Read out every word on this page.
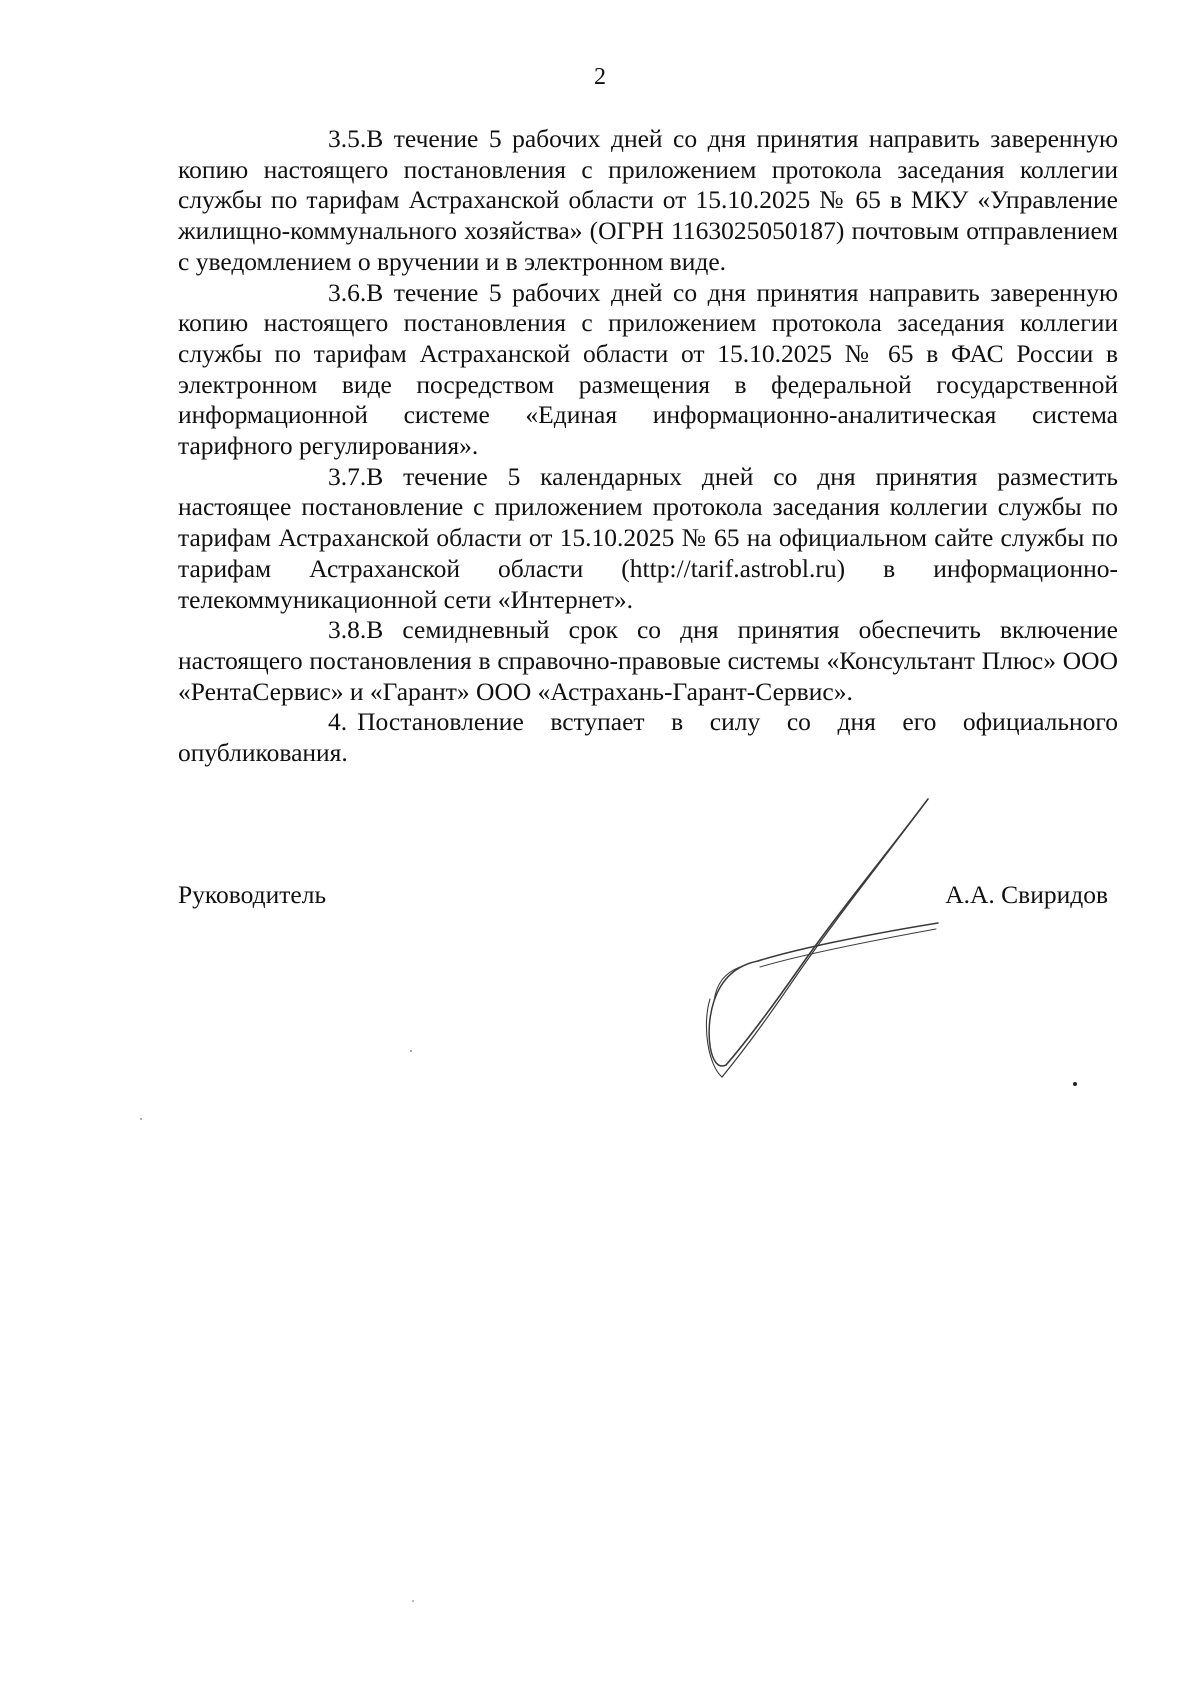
2

3.5.В течение 5 рабочих дней со дня принятия направить заверенную копию настоящего постановления с приложением протокола заседания коллегии службы по тарифам Астраханской области от 15.10.2025 № 65 в МКУ «Управление жилищно-коммунального хозяйства» (ОГРН 1163025050187) почтовым отправлением с уведомлением о вручении и в электронном виде.

3.6.В течение 5 рабочих дней со дня принятия направить заверенную копию настоящего постановления с приложением протокола заседания коллегии службы по тарифам Астраханской области от 15.10.2025 № 65 в ФАС России в электронном виде посредством размещения в федеральной государственной информационной системе «Единая информационно-аналитическая система тарифного регулирования».

3.7.В течение 5 календарных дней со дня принятия разместить настоящее постановление с приложением протокола заседания коллегии службы по тарифам Астраханской области от 15.10.2025 № 65 на официальном сайте службы по тарифам Астраханской области (http://tarif.astrobl.ru) в информационно-телекоммуникационной сети «Интернет».

3.8.В семидневный срок со дня принятия обеспечить включение настоящего постановления в справочно-правовые системы «Консультант Плюс» ООО «РентаСервис» и «Гарант» ООО «Астрахань-Гарант-Сервис».

4. Постановление вступает в силу со дня его официального опубликования.

Руководитель	А.А. Свиридов
